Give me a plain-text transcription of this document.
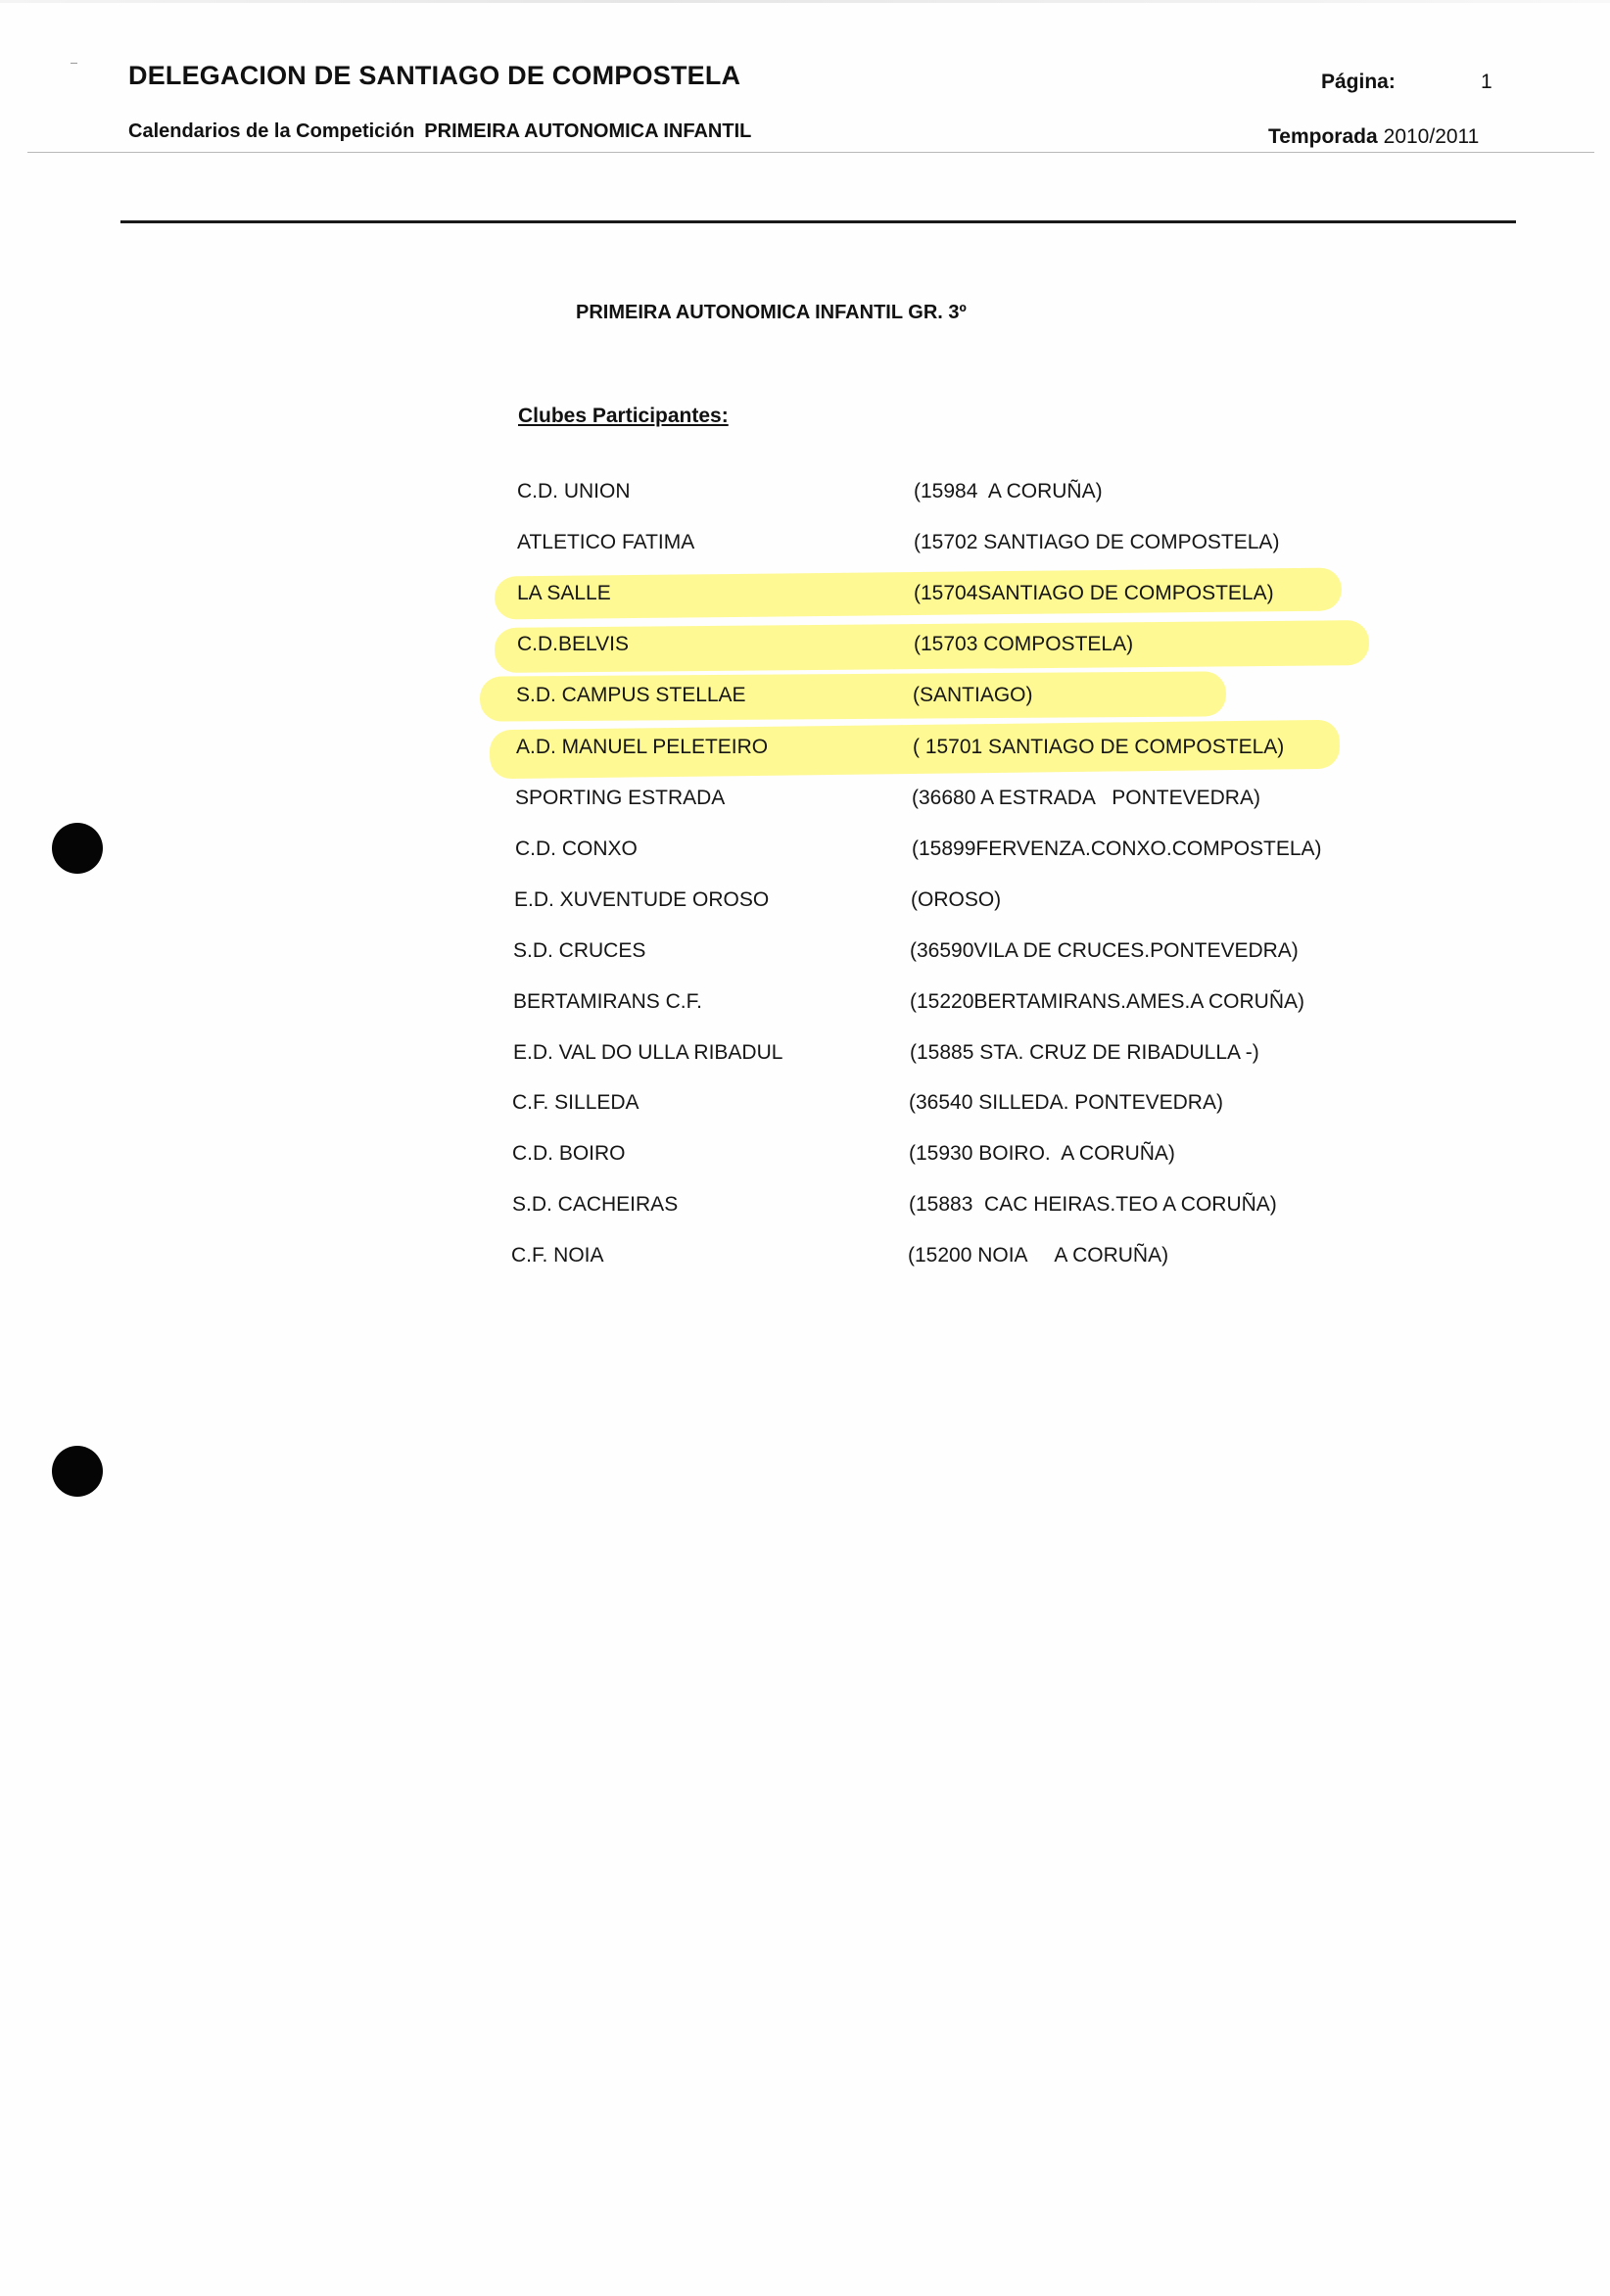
DELEGACION DE SANTIAGO DE COMPOSTELA	Página:	1
Calendarios de la Competición PRIMEIRA AUTONOMICA INFANTIL	Temporada 2010/2011
PRIMEIRA AUTONOMICA INFANTIL GR. 3º
Clubes Participantes:
C.D. UNION	(15984  A CORUÑA)
ATLETICO FATIMA	(15702 SANTIAGO DE COMPOSTELA)
LA SALLE	(15704SANTIAGO DE COMPOSTELA)
C.D.BELVIS	(15703 COMPOSTELA)
S.D. CAMPUS STELLAE	(SANTIAGO)
A.D. MANUEL PELETEIRO	( 15701 SANTIAGO DE COMPOSTELA)
SPORTING ESTRADA	(36680 A ESTRADA   PONTEVEDRA)
C.D. CONXO	(15899FERVENZA.CONXO.COMPOSTELA)
E.D. XUVENTUDE OROSO	(OROSO)
S.D. CRUCES	(36590VILA DE CRUCES.PONTEVEDRA)
BERTAMIRANS C.F.	(15220BERTAMIRANS.AMES.A CORUÑA)
E.D. VAL DO ULLA RIBADUL	(15885 STA. CRUZ DE RIBADULLA -)
C.F. SILLEDA	(36540 SILLEDA. PONTEVEDRA)
C.D. BOIRO	(15930 BOIRO.  A CORUÑA)
S.D. CACHEIRAS	(15883  CAC HEIRAS.TEO A CORUÑA)
C.F. NOIA	(15200 NOIA     A CORUÑA)
